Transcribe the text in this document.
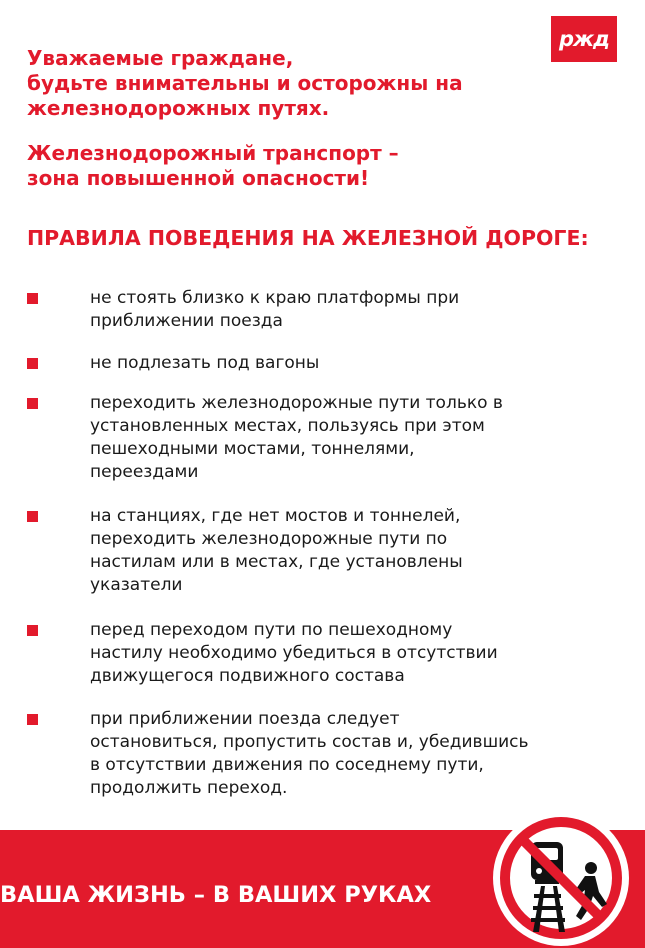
ржд
Уважаемые граждане,
будьте внимательны и осторожны на
железнодорожных путях.
Железнодорожный транспорт –
зона повышенной опасности!
ПРАВИЛА ПОВЕДЕНИЯ НА ЖЕЛЕЗНОЙ ДОРОГЕ:
не стоять близко к краю платформы при
приближении поезда
не подлезать под вагоны
переходить железнодорожные пути только в
установленных местах, пользуясь при этом
пешеходными мостами, тоннелями,
переездами
на станциях, где нет мостов и тоннелей,
переходить железнодорожные пути по
настилам или в местах, где установлены
указатели
перед переходом пути по пешеходному
настилу необходимо убедиться в отсутствии
движущегося подвижного состава
при приближении поезда следует
остановиться, пропустить состав и, убедившись
в отсутствии движения по соседнему пути,
продолжить переход.
ВАША ЖИЗНЬ – В ВАШИХ РУКАХ
